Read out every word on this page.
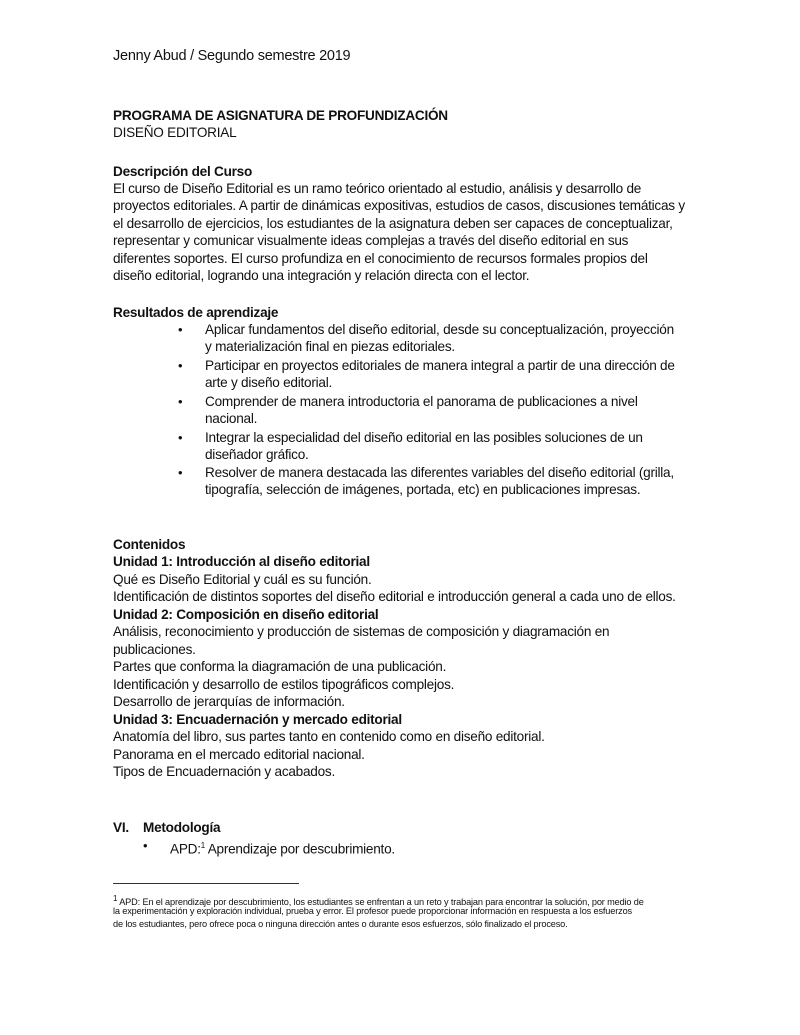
Jenny Abud / Segundo semestre 2019
PROGRAMA DE ASIGNATURA DE PROFUNDIZACIÓN
DISEÑO EDITORIAL
Descripción del Curso
El curso de Diseño Editorial es un ramo teórico orientado al estudio, análisis y desarrollo de
proyectos editoriales. A partir de dinámicas expositivas, estudios de casos, discusiones temáticas y
el desarrollo de ejercicios, los estudiantes de la asignatura deben ser capaces de conceptualizar,
representar y comunicar visualmente ideas complejas a través del diseño editorial en sus
diferentes soportes. El curso profundiza en el conocimiento de recursos formales propios del
diseño editorial, logrando una integración y relación directa con el lector.
Resultados de aprendizaje
• Aplicar fundamentos del diseño editorial, desde su conceptualización, proyección
y materialización final en piezas editoriales.
• Participar en proyectos editoriales de manera integral a partir de una dirección de
arte y diseño editorial.
• Comprender de manera introductoria el panorama de publicaciones a nivel
nacional.
• Integrar la especialidad del diseño editorial en las posibles soluciones de un
diseñador gráfico.
• Resolver de manera destacada las diferentes variables del diseño editorial (grilla,
tipografía, selección de imágenes, portada, etc) en publicaciones impresas.
Contenidos
Unidad 1: Introducción al diseño editorial
Qué es Diseño Editorial y cuál es su función.
Identificación de distintos soportes del diseño editorial e introducción general a cada uno de ellos.
Unidad 2: Composición en diseño editorial
Análisis, reconocimiento y producción de sistemas de composición y diagramación en
publicaciones.
Partes que conforma la diagramación de una publicación.
Identificación y desarrollo de estilos tipográficos complejos.
Desarrollo de jerarquías de información.
Unidad 3: Encuadernación y mercado editorial
Anatomía del libro, sus partes tanto en contenido como en diseño editorial.
Panorama en el mercado editorial nacional.
Tipos de Encuadernación y acabados.
VI. Metodología
• APD:$^1$ Aprendizaje por descubrimiento.
$^1$ APD: En el aprendizaje por descubrimiento, los estudiantes se enfrentan a un reto y trabajan para encontrar la solución, por medio de
la experimentación y exploración individual, prueba y error. El profesor puede proporcionar información en respuesta a los esfuerzos
de los estudiantes, pero ofrece poca o ninguna dirección antes o durante esos esfuerzos, sólo finalizado el proceso.
